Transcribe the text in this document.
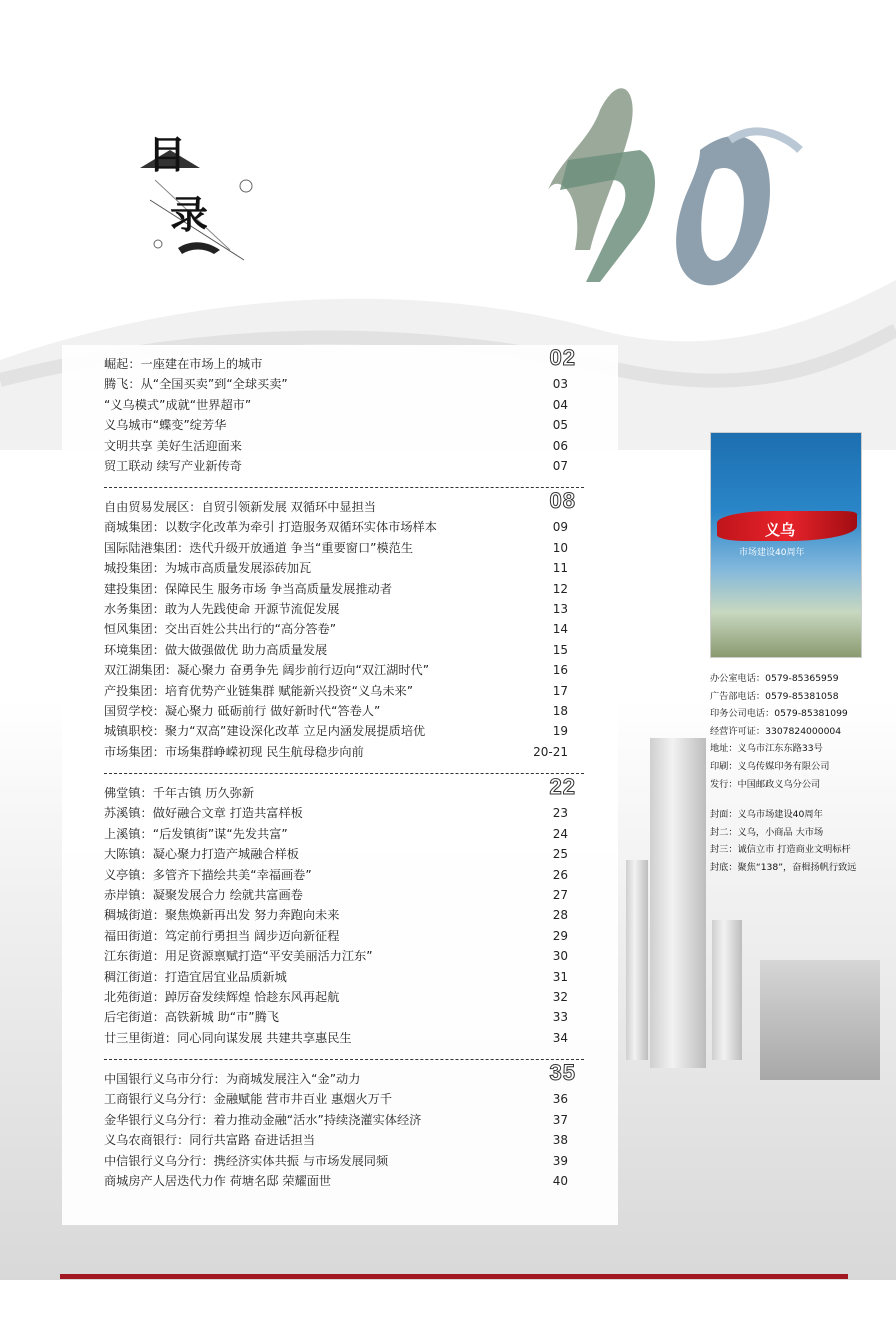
目
录
崛起：一座建在市场上的城市	02
腾飞：从“全国买卖”到“全球买卖”	03
“义乌模式”成就“世界超市”	04
义乌城市“蝶变”绽芳华	05
文明共享 美好生活迎面来	06
贸工联动 续写产业新传奇	07
自由贸易发展区：自贸引领新发展 双循环中显担当	08
商城集团：以数字化改革为牵引 打造服务双循环实体市场样本	09
国际陆港集团：迭代升级开放通道 争当“重要窗口”模范生	10
城投集团：为城市高质量发展添砖加瓦	11
建投集团：保障民生 服务市场 争当高质量发展推动者	12
水务集团：敢为人先践使命 开源节流促发展	13
恒风集团：交出百姓公共出行的“高分答卷”	14
环境集团：做大做强做优 助力高质量发展	15
双江湖集团：凝心聚力 奋勇争先 阔步前行迈向“双江湖时代”	16
产投集团：培育优势产业链集群 赋能新兴投资“义乌未来”	17
国贸学校：凝心聚力 砥砺前行 做好新时代“答卷人”	18
城镇职校：聚力“双高”建设深化改革 立足内涵发展提质培优	19
市场集团：市场集群峥嵘初现 民生航母稳步向前	20-21
佛堂镇：千年古镇 历久弥新	22
苏溪镇：做好融合文章 打造共富样板	23
上溪镇：“后发镇街”谋“先发共富”	24
大陈镇：凝心聚力打造产城融合样板	25
义亭镇：多管齐下描绘共美“幸福画卷”	26
赤岸镇：凝聚发展合力 绘就共富画卷	27
稠城街道：聚焦焕新再出发 努力奔跑向未来	28
福田街道：笃定前行勇担当 阔步迈向新征程	29
江东街道：用足资源禀赋打造“平安美丽活力江东”	30
稠江街道：打造宜居宜业品质新城	31
北苑街道：踔厉奋发续辉煌 恰趁东风再起航	32
后宅街道：高铁新城 助“市”腾飞	33
廿三里街道：同心同向谋发展 共建共享惠民生	34
中国银行义乌市分行：为商城发展注入“金”动力	35
工商银行义乌分行：金融赋能 营市井百业 惠烟火万千	36
金华银行义乌分行：着力推动金融“活水”持续浇灌实体经济	37
义乌农商银行：同行共富路 奋进话担当	38
中信银行义乌分行：携经济实体共振 与市场发展同频	39
商城房产人居迭代力作 荷塘名邸 荣耀面世	40
义乌
市场建设40周年
办公室电话：0579-85365959
广告部电话：0579-85381058
印务公司电话：0579-85381099
经营许可证：3307824000004
地址：义乌市江东东路33号
印刷：义乌传媒印务有限公司
发行：中国邮政义乌分公司
封面：义乌市场建设40周年
封二：义乌，小商品 大市场
封三：诚信立市 打造商业文明标杆
封底：聚焦“138”，奋楫扬帆行致远
